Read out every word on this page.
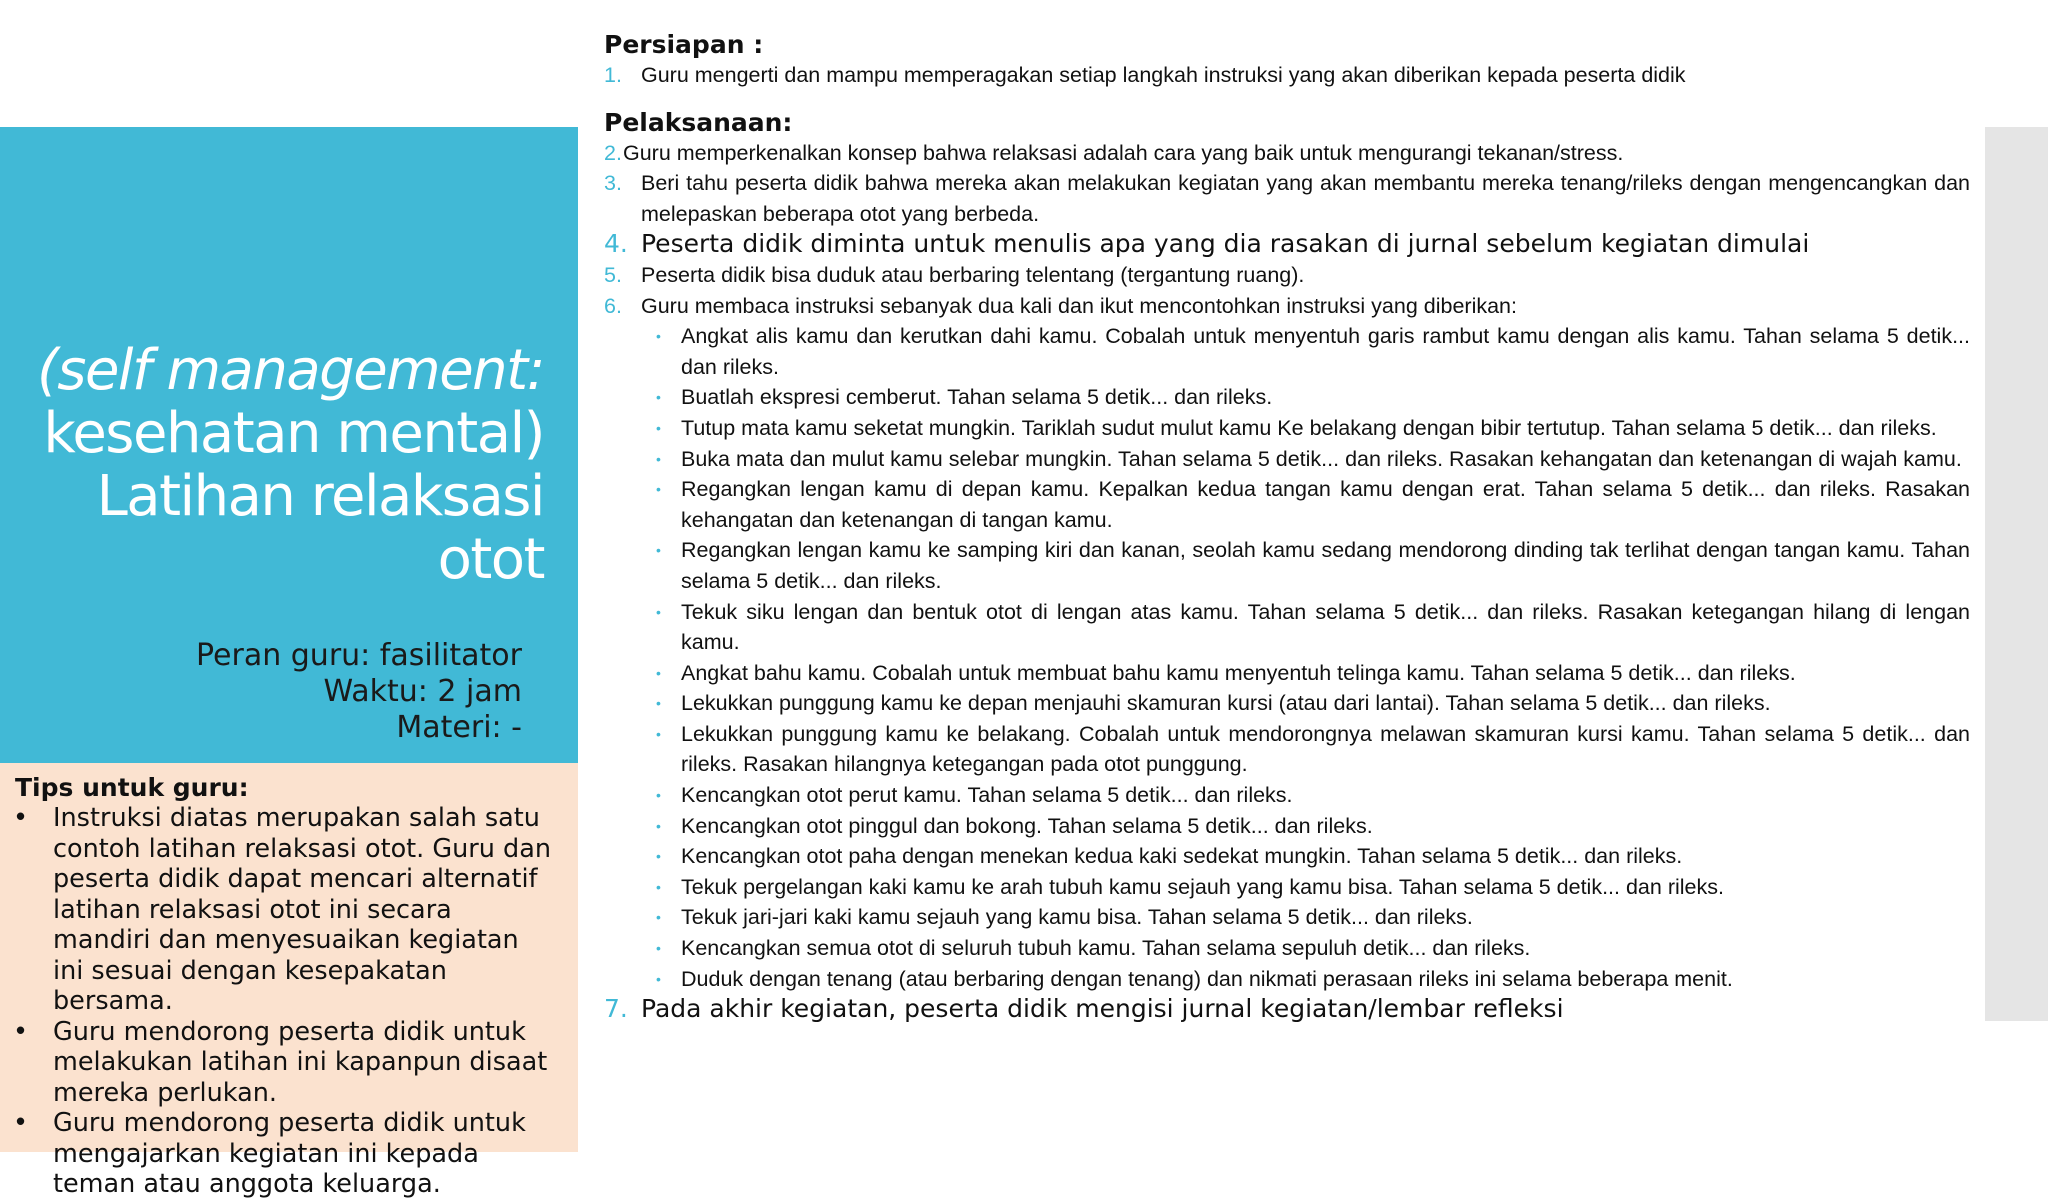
(self management:
kesehatan mental)
Latihan relaksasi
otot
Peran guru: fasilitator
Waktu: 2 jam
Materi: -
Tips untuk guru:
• Instruksi diatas merupakan salah satu contoh latihan relaksasi otot. Guru dan peserta didik dapat mencari alternatif latihan relaksasi otot ini secara mandiri dan menyesuaikan kegiatan ini sesuai dengan kesepakatan bersama.
• Guru mendorong peserta didik untuk melakukan latihan ini kapanpun disaat mereka perlukan.
• Guru mendorong peserta didik untuk mengajarkan kegiatan ini kepada teman atau anggota keluarga.
Persiapan :
1. Guru mengerti dan mampu memperagakan setiap langkah instruksi yang akan diberikan kepada peserta didik
Pelaksanaan:
2. Guru memperkenalkan konsep bahwa relaksasi adalah cara yang baik untuk mengurangi tekanan/stress.
3. Beri tahu peserta didik bahwa mereka akan melakukan kegiatan yang akan membantu mereka tenang/rileks dengan mengencangkan dan melepaskan beberapa otot yang berbeda.
4. Peserta didik diminta untuk menulis apa yang dia rasakan di jurnal sebelum kegiatan dimulai
5. Peserta didik bisa duduk atau berbaring telentang (tergantung ruang).
6. Guru membaca instruksi sebanyak dua kali dan ikut mencontohkan instruksi yang diberikan:
• Angkat alis kamu dan kerutkan dahi kamu. Cobalah untuk menyentuh garis rambut kamu dengan alis kamu. Tahan selama 5 detik... dan rileks.
• Buatlah ekspresi cemberut. Tahan selama 5 detik... dan rileks.
• Tutup mata kamu seketat mungkin. Tariklah sudut mulut kamu Ke belakang dengan bibir tertutup. Tahan selama 5 detik... dan rileks.
• Buka mata dan mulut kamu selebar mungkin. Tahan selama 5 detik... dan rileks. Rasakan kehangatan dan ketenangan di wajah kamu.
• Regangkan lengan kamu di depan kamu. Kepalkan kedua tangan kamu dengan erat. Tahan selama 5 detik... dan rileks. Rasakan kehangatan dan ketenangan di tangan kamu.
• Regangkan lengan kamu ke samping kiri dan kanan, seolah kamu sedang mendorong dinding tak terlihat dengan tangan kamu. Tahan selama 5 detik... dan rileks.
• Tekuk siku lengan dan bentuk otot di lengan atas kamu. Tahan selama 5 detik... dan rileks. Rasakan ketegangan hilang di lengan kamu.
• Angkat bahu kamu. Cobalah untuk membuat bahu kamu menyentuh telinga kamu. Tahan selama 5 detik... dan rileks.
• Lekukkan punggung kamu ke depan menjauhi skamuran kursi (atau dari lantai). Tahan selama 5 detik... dan rileks.
• Lekukkan punggung kamu ke belakang. Cobalah untuk mendorongnya melawan skamuran kursi kamu. Tahan selama 5 detik... dan rileks. Rasakan hilangnya ketegangan pada otot punggung.
• Kencangkan otot perut kamu. Tahan selama 5 detik... dan rileks.
• Kencangkan otot pinggul dan bokong. Tahan selama 5 detik... dan rileks.
• Kencangkan otot paha dengan menekan kedua kaki sedekat mungkin. Tahan selama 5 detik... dan rileks.
• Tekuk pergelangan kaki kamu ke arah tubuh kamu sejauh yang kamu bisa. Tahan selama 5 detik... dan rileks.
• Tekuk jari-jari kaki kamu sejauh yang kamu bisa. Tahan selama 5 detik... dan rileks.
• Kencangkan semua otot di seluruh tubuh kamu. Tahan selama sepuluh detik... dan rileks.
• Duduk dengan tenang (atau berbaring dengan tenang) dan nikmati perasaan rileks ini selama beberapa menit.
7. Pada akhir kegiatan, peserta didik mengisi jurnal kegiatan/lembar refleksi
